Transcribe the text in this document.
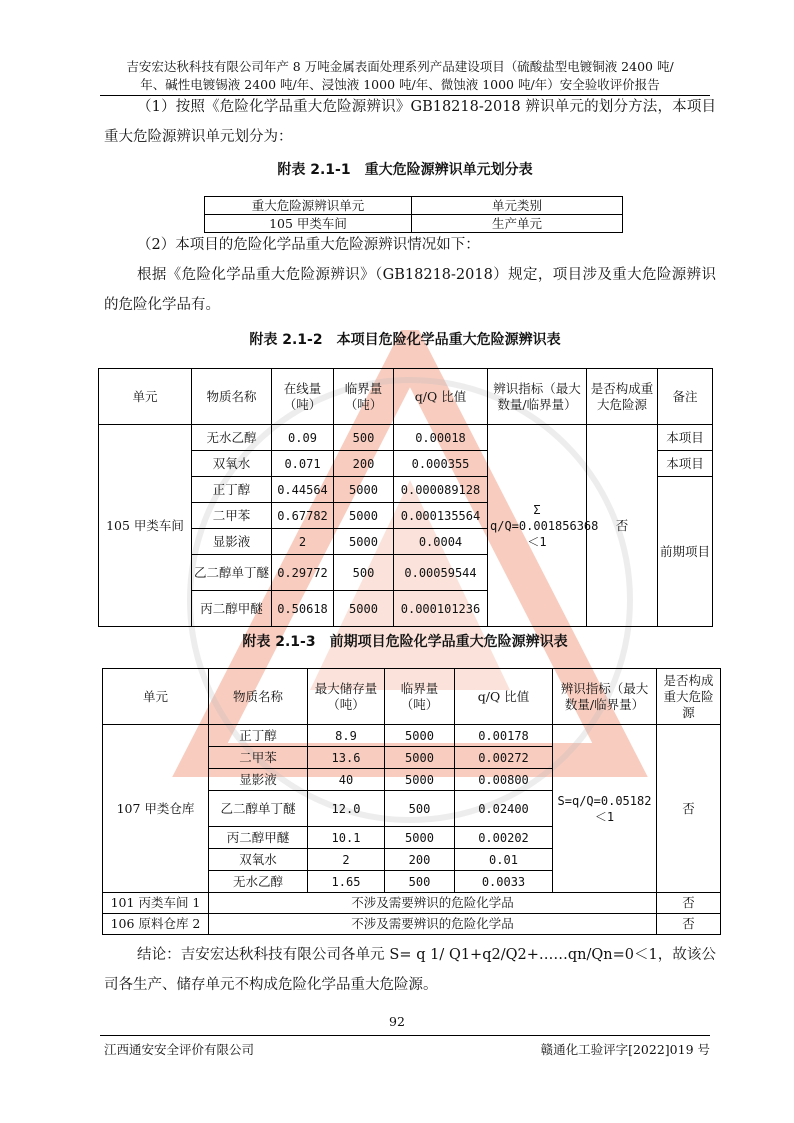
吉安宏达秋科技有限公司年产 8 万吨金属表面处理系列产品建设项目（硫酸盐型电镀铜液 2400 吨/
年、碱性电镀锡液 2400 吨/年、浸蚀液 1000 吨/年、微蚀液 1000 吨/年）安全验收评价报告
（1）按照《危险化学品重大危险源辨识》GB18218-2018 辨识单元的划分方法，本项目重大危险源辨识单元划分为：
附表 2.1-1　重大危险源辨识单元划分表
重大危险源辨识单元	单元类别
105 甲类车间	生产单元
（2）本项目的危险化学品重大危险源辨识情况如下：
根据《危险化学品重大危险源辨识》（GB18218-2018）规定，项目涉及重大危险源辨识的危险化学品有。
附表 2.1-2　本项目危险化学品重大危险源辨识表
单元	物质名称	在线量（吨）	临界量（吨）	q/Q 比值	辨识指标（最大数量/临界量）	是否构成重大危险源	备注
105 甲类车间	无水乙醇	0.09	500	0.00018	Σ q/Q=0.001856368＜1	否	本项目
	双氧水	0.071	200	0.000355			本项目
	正丁醇	0.44564	5000	0.000089128			前期项目
	二甲苯	0.67782	5000	0.000135564			
	显影液	2	5000	0.0004			
	乙二醇单丁醚	0.29772	500	0.00059544			
	丙二醇甲醚	0.50618	5000	0.000101236			
附表 2.1-3　前期项目危险化学品重大危险源辨识表
单元	物质名称	最大储存量（吨）	临界量（吨）	q/Q 比值	辨识指标（最大数量/临界量）	是否构成重大危险源
107 甲类仓库	正丁醇	8.9	5000	0.00178	S=q/Q=0.05182＜1	否
	二甲苯	13.6	5000	0.00272		
	显影液	40	5000	0.00800		
	乙二醇单丁醚	12.0	500	0.02400		
	丙二醇甲醚	10.1	5000	0.00202		
	双氧水	2	200	0.01		
	无水乙醇	1.65	500	0.0033		
101 丙类车间 1	不涉及需要辨识的危险化学品					否
106 原料仓库 2	不涉及需要辨识的危险化学品					否
结论：吉安宏达秋科技有限公司各单元 S= q 1/ Q1+q2/Q2+……qn/Qn=0＜1，故该公司各生产、储存单元不构成危险化学品重大危险源。
92
江西通安安全评价有限公司	赣通化工验评字[2022]019 号
